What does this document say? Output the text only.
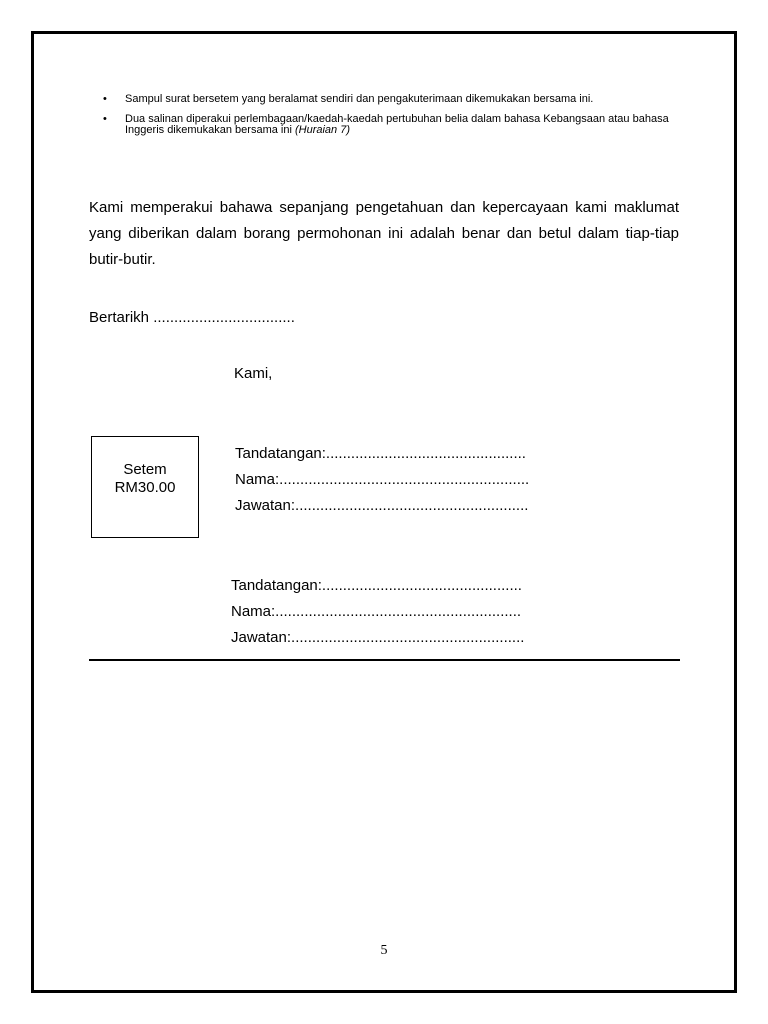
• Sampul surat bersetem yang beralamat sendiri dan pengakuterimaan dikemukakan bersama ini.
• Dua salinan diperakui perlembagaan/kaedah-kaedah pertubuhan belia dalam bahasa Kebangsaan atau bahasa Inggeris dikemukakan bersama ini (Huraian 7)

Kami memperakui bahawa sepanjang pengetahuan dan kepercayaan kami maklumat yang diberikan dalam borang permohonan ini adalah benar dan betul dalam tiap-tiap butir-butir.

Bertarikh ..................................
Kami,
Setem
RM30.00
Tandatangan:................................................
Nama:............................................................
Jawatan:........................................................
Tandatangan:................................................
Nama:...........................................................
Jawatan:........................................................
5
